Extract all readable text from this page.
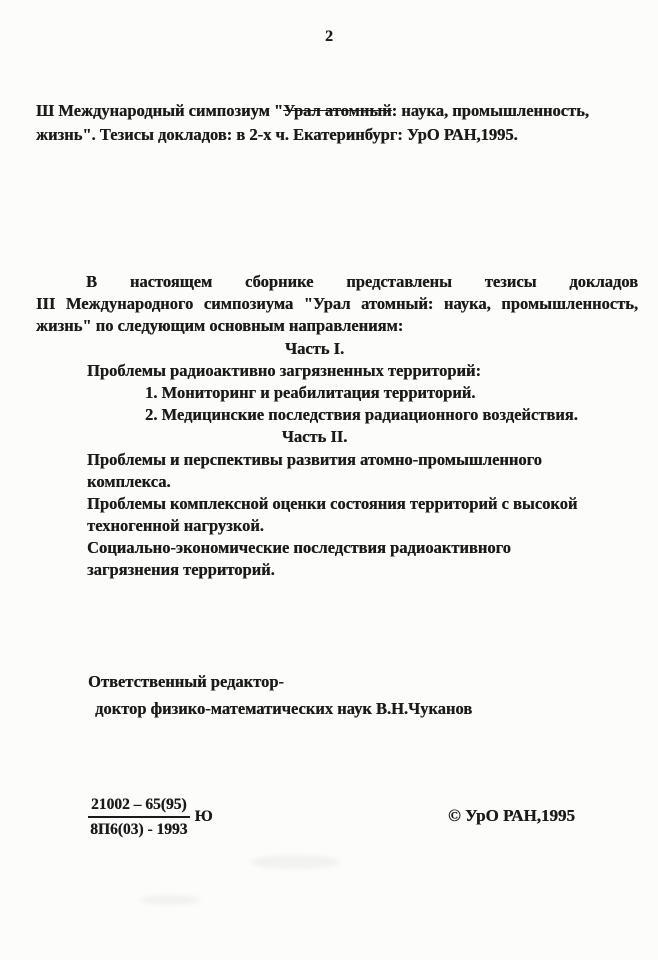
2
Ш Международный симпозиум "Урал атомный: наука, промышленность,
жизнь". Тезисы докладов: в 2-х ч. Екатеринбург: УрО РАН,1995.
В настоящем сборнике представлены тезисы докладов
III Международного симпозиума "Урал атомный: наука, промышленность,
жизнь" по следующим основным направлениям:
Часть I.
Проблемы радиоактивно загрязненных территорий:
1. Мониторинг и реабилитация территорий.
2. Медицинские последствия радиационного воздействия.
Часть II.
Проблемы и перспективы развития атомно-промышленного
комплекса.
Проблемы комплексной оценки состояния территорий с высокой
техногенной нагрузкой.
Социально-экономические последствия радиоактивного
загрязнения территорий.
Ответственный редактор-
доктор физико-математических наук В.Н.Чуканов
21002 – 65(95)
8П6(03) - 1993
Ю	© УрО РАН,1995
